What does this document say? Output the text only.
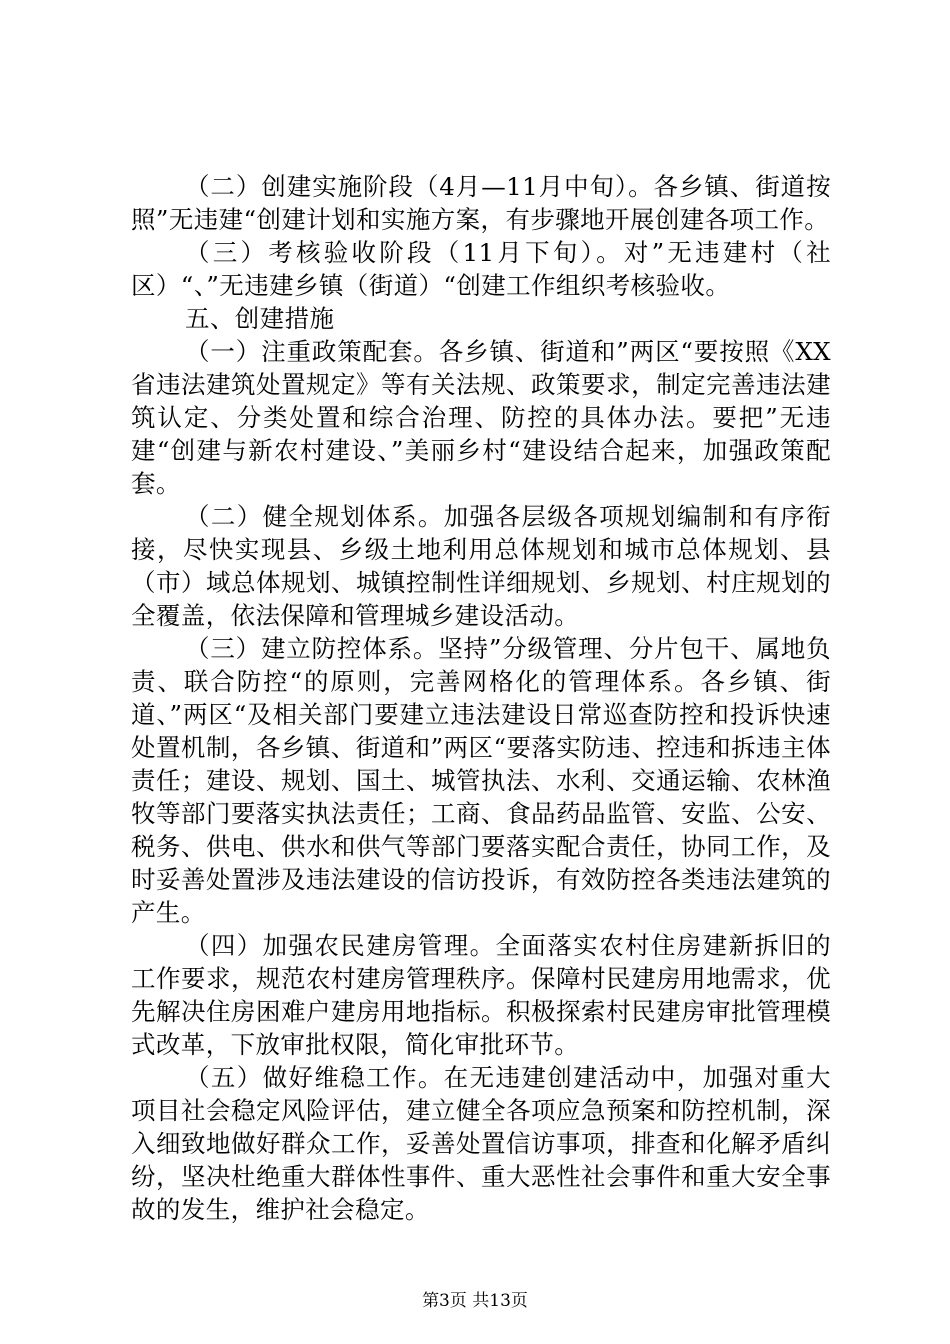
（二）创建实施阶段（4月—11月中旬）。各乡镇、街道按照”无违建“创建计划和实施方案，有步骤地开展创建各项工作。

（三）考核验收阶段（11月下旬）。对”无违建村（社区）“、”无违建乡镇（街道）“创建工作组织考核验收。

五、创建措施

（一）注重政策配套。各乡镇、街道和”两区“要按照《XX省违法建筑处置规定》等有关法规、政策要求，制定完善违法建筑认定、分类处置和综合治理、防控的具体办法。要把”无违建“创建与新农村建设、”美丽乡村“建设结合起来，加强政策配套。

（二）健全规划体系。加强各层级各项规划编制和有序衔接，尽快实现县、乡级土地利用总体规划和城市总体规划、县（市）域总体规划、城镇控制性详细规划、乡规划、村庄规划的全覆盖，依法保障和管理城乡建设活动。

（三）建立防控体系。坚持”分级管理、分片包干、属地负责、联合防控“的原则，完善网格化的管理体系。各乡镇、街道、”两区“及相关部门要建立违法建设日常巡查防控和投诉快速处置机制，各乡镇、街道和”两区“要落实防违、控违和拆违主体责任；建设、规划、国土、城管执法、水利、交通运输、农林渔牧等部门要落实执法责任；工商、食品药品监管、安监、公安、税务、供电、供水和供气等部门要落实配合责任，协同工作，及时妥善处置涉及违法建设的信访投诉，有效防控各类违法建筑的产生。

（四）加强农民建房管理。全面落实农村住房建新拆旧的工作要求，规范农村建房管理秩序。保障村民建房用地需求，优先解决住房困难户建房用地指标。积极探索村民建房审批管理模式改革，下放审批权限，简化审批环节。

（五）做好维稳工作。在无违建创建活动中，加强对重大项目社会稳定风险评估，建立健全各项应急预案和防控机制，深入细致地做好群众工作，妥善处置信访事项，排查和化解矛盾纠纷，坚决杜绝重大群体性事件、重大恶性社会事件和重大安全事故的发生，维护社会稳定。

第3页 共13页
